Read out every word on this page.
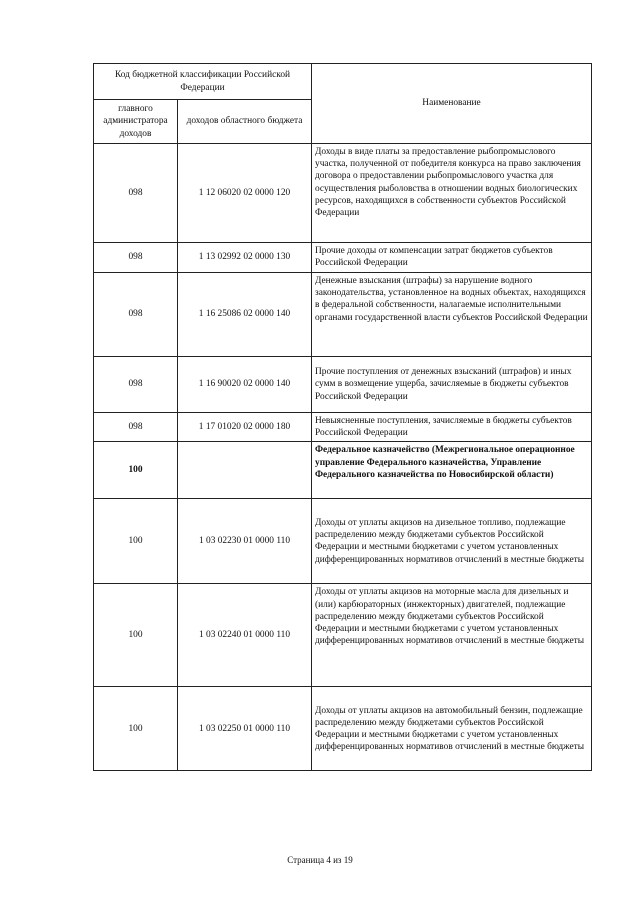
Код бюджетной классификации Российской Федерации		Наименование
главного администратора доходов	доходов областного бюджета	
098	1 12 06020 02 0000 120	Доходы в виде платы за предоставление рыбопромыслового участка, полученной от победителя конкурса на право заключения договора о предоставлении рыбопромыслового участка для осуществления рыболовства в отношении водных биологических ресурсов, находящихся в собственности субъектов Российской Федерации
098	1 13 02992 02 0000 130	Прочие доходы от компенсации затрат бюджетов субъектов Российской Федерации
098	1 16 25086 02 0000 140	Денежные взыскания (штрафы) за нарушение водного законодательства, установленное на водных объектах, находящихся в федеральной собственности, налагаемые исполнительными органами государственной власти субъектов Российской Федерации
098	1 16 90020 02 0000 140	Прочие поступления от денежных взысканий (штрафов) и иных сумм в возмещение ущерба, зачисляемые в бюджеты субъектов Российской Федерации
098	1 17 01020 02 0000 180	Невыясненные поступления, зачисляемые в бюджеты субъектов Российской Федерации
100		Федеральное казначейство (Межрегиональное операционное управление Федерального казначейства, Управление Федерального казначейства по Новосибирской области)
100	1 03 02230 01 0000 110	Доходы от уплаты акцизов на дизельное топливо, подлежащие распределению между бюджетами субъектов Российской Федерации и местными бюджетами с учетом установленных дифференцированных нормативов отчислений в местные бюджеты
100	1 03 02240 01 0000 110	Доходы от уплаты акцизов на моторные масла для дизельных и (или) карбюраторных (инжекторных) двигателей, подлежащие распределению между бюджетами субъектов Российской Федерации и местными бюджетами с учетом установленных дифференцированных нормативов отчислений в местные бюджеты
100	1 03 02250 01 0000 110	Доходы от уплаты акцизов на автомобильный бензин, подлежащие распределению между бюджетами субъектов Российской Федерации и местными бюджетами с учетом установленных дифференцированных нормативов отчислений в местные бюджеты
Страница 4 из 19
